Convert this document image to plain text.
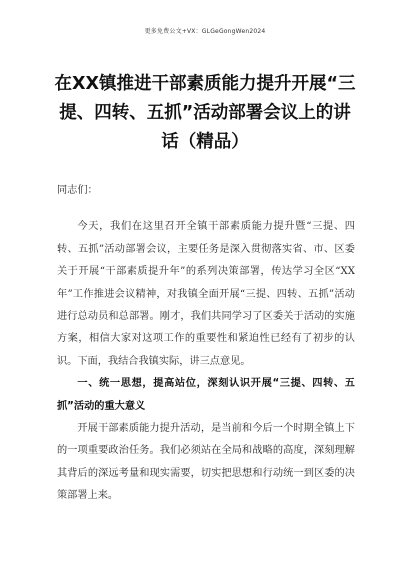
更多免费公文+VX：GLGeGongWen2024
在XX镇推进干部素质能力提升开展“三提、四转、五抓”活动部署会议上的讲话（精品）

同志们：

今天，我们在这里召开全镇干部素质能力提升暨“三提、四转、五抓”活动部署会议，主要任务是深入贯彻落实省、市、区委关于开展“干部素质提升年”的系列决策部署，传达学习全区“XX年”工作推进会议精神，对我镇全面开展“三提、四转、五抓”活动进行总动员和总部署。刚才，我们共同学习了区委关于活动的实施方案，相信大家对这项工作的重要性和紧迫性已经有了初步的认识。下面，我结合我镇实际，讲三点意见。

一、统一思想，提高站位，深刻认识开展“三提、四转、五抓”活动的重大意义

开展干部素质能力提升活动，是当前和今后一个时期全镇上下的一项重要政治任务。我们必须站在全局和战略的高度，深刻理解其背后的深远考量和现实需要，切实把思想和行动统一到区委的决策部署上来。
